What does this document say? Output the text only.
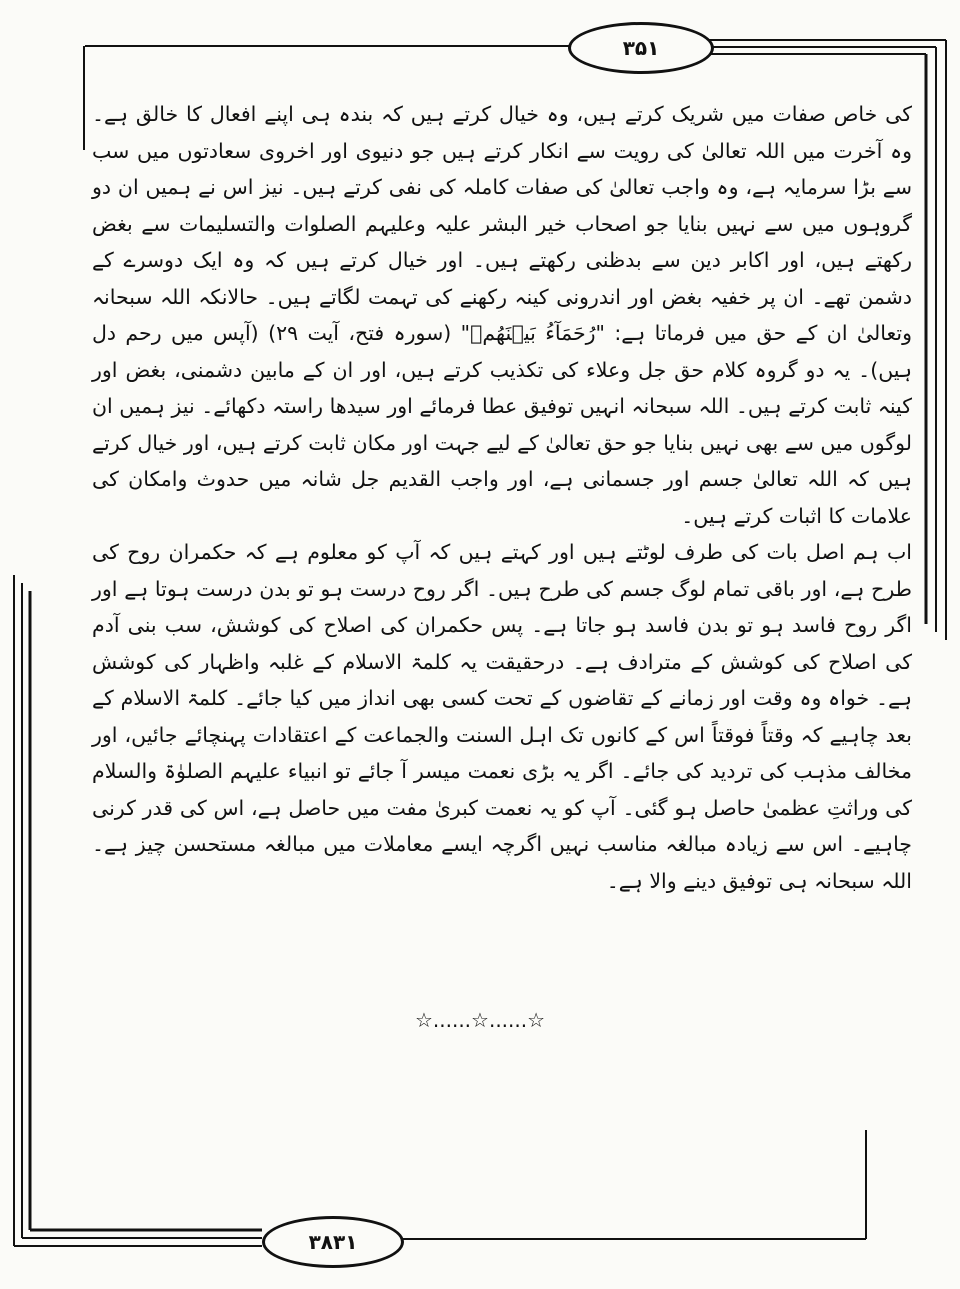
۳۵۱

کی خاص صفات میں شریک کرتے ہیں، وہ خیال کرتے ہیں کہ بندہ ہی اپنے افعال کا خالق ہے۔ وہ آخرت میں اللہ تعالیٰ کی رویت سے انکار کرتے ہیں جو دنیوی اور اخروی سعادتوں میں سب سے بڑا سرمایہ ہے، وہ واجب تعالیٰ کی صفات کاملہ کی نفی کرتے ہیں۔ نیز اس نے ہمیں ان دو گروہوں میں سے نہیں بنایا جو اصحاب خیر البشر علیہ وعلیہم الصلوات والتسلیمات سے بغض رکھتے ہیں، اور اکابر دین سے بدظنی رکھتے ہیں۔ اور خیال کرتے ہیں کہ وہ ایک دوسرے کے دشمن تھے۔ ان پر خفیہ بغض اور اندرونی کینہ رکھنے کی تہمت لگاتے ہیں۔ حالانکہ اللہ سبحانہ وتعالیٰ ان کے حق میں فرماتا ہے: "رُحَمَآءُ بَيۡنَهُمۡ" (سورہ فتح، آیت ۲۹) (آپس میں رحم دل ہیں)۔ یہ دو گروہ کلام حق جل وعلاء کی تکذیب کرتے ہیں، اور ان کے مابین دشمنی، بغض اور کینہ ثابت کرتے ہیں۔ اللہ سبحانہ انہیں توفیق عطا فرمائے اور سیدھا راستہ دکھائے۔ نیز ہمیں ان لوگوں میں سے بھی نہیں بنایا جو حق تعالیٰ کے لیے جہت اور مکان ثابت کرتے ہیں، اور خیال کرتے ہیں کہ اللہ تعالیٰ جسم اور جسمانی ہے، اور واجب القدیم جل شانہ میں حدوث وامکان کی علامات کا اثبات کرتے ہیں۔

اب ہم اصل بات کی طرف لوٹتے ہیں اور کہتے ہیں کہ آپ کو معلوم ہے کہ حکمران روح کی طرح ہے، اور باقی تمام لوگ جسم کی طرح ہیں۔ اگر روح درست ہو تو بدن درست ہوتا ہے اور اگر روح فاسد ہو تو بدن فاسد ہو جاتا ہے۔ پس حکمران کی اصلاح کی کوشش، سب بنی آدم کی اصلاح کی کوشش کے مترادف ہے۔ درحقیقت یہ کلمۃ الاسلام کے غلبہ واظہار کی کوشش ہے۔ خواہ وہ وقت اور زمانے کے تقاضوں کے تحت کسی بھی انداز میں کیا جائے۔ کلمۃ الاسلام کے بعد چاہیے کہ وقتاً فوقتاً اس کے کانوں تک اہل السنت والجماعت کے اعتقادات پہنچائے جائیں، اور مخالف مذہب کی تردید کی جائے۔ اگر یہ بڑی نعمت میسر آ جائے تو انبیاء علیہم الصلوٰۃ والسلام کی وراثتِ عظمیٰ حاصل ہو گئی۔ آپ کو یہ نعمت کبریٰ مفت میں حاصل ہے، اس کی قدر کرنی چاہیے۔ اس سے زیادہ مبالغہ مناسب نہیں اگرچہ ایسے معاملات میں مبالغہ مستحسن چیز ہے۔ اللہ سبحانہ ہی توفیق دینے والا ہے۔

☆......☆......☆
۳۸۳۱
